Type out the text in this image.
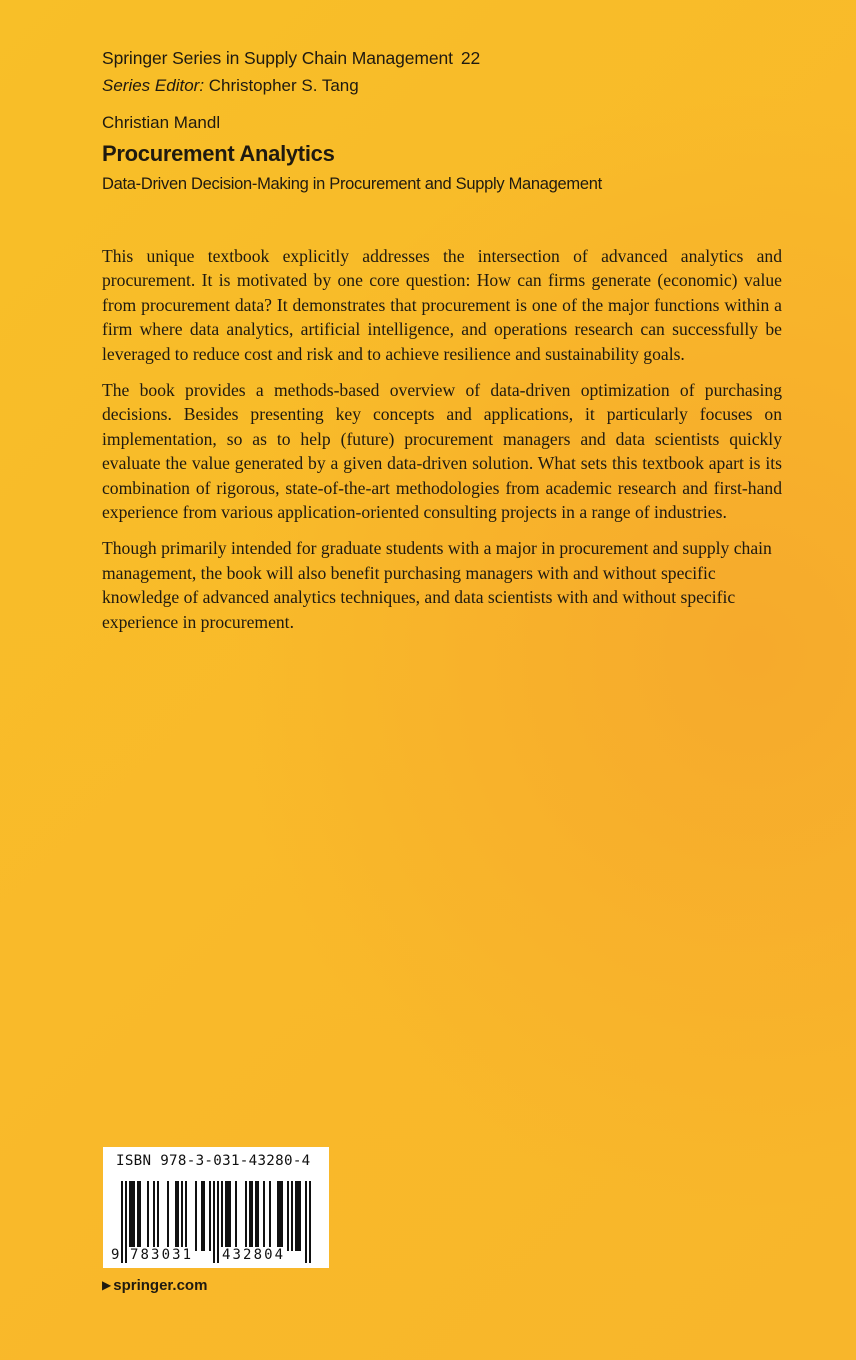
Springer Series in Supply Chain Management 22
Series Editor: Christopher S. Tang
Christian Mandl
Procurement Analytics
Data-Driven Decision-Making in Procurement and Supply Management

This unique textbook explicitly addresses the intersection of advanced analytics and procurement. It is motivated by one core question: How can firms generate (economic) value from procurement data? It demonstrates that procurement is one of the major functions within a firm where data analytics, artificial intelligence, and operations research can successfully be leveraged to reduce cost and risk and to achieve resilience and sustainability goals.

The book provides a methods-based overview of data-driven optimization of purchasing decisions. Besides presenting key concepts and applications, it particularly focuses on implementation, so as to help (future) procurement managers and data scientists quickly evaluate the value generated by a given data-driven solution. What sets this textbook apart is its combination of rigorous, state-of-the-art methodologies from academic research and first-hand experience from various application-oriented consulting projects in a range of industries.

Though primarily intended for graduate students with a major in procurement and supply chain management, the book will also benefit purchasing managers with and without specific knowledge of advanced analytics techniques, and data scientists with and without specific experience in procurement.

ISBN 978-3-031-43280-4
9 783031 432804
▶ springer.com
